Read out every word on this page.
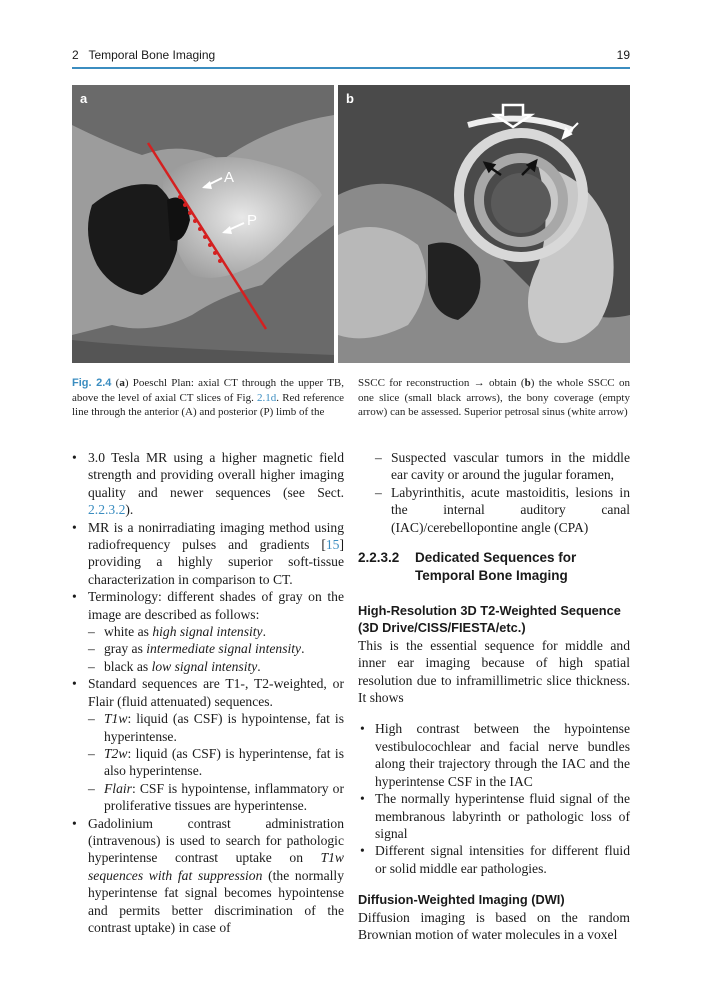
2   Temporal Bone Imaging	19
A
P
a	b
Fig. 2.4 (a) Poeschl Plan: axial CT through the upper TB, above the level of axial CT slices of Fig. 2.1d. Red reference line through the anterior (A) and posterior (P) limb of the
SSCC for reconstruction → obtain (b) the whole SSCC on one slice (small black arrows), the bony coverage (empty arrow) can be assessed. Superior petrosal sinus (white arrow)
• 3.0 Tesla MR using a higher magnetic field strength and providing overall higher imaging quality and newer sequences (see Sect. 2.2.3.2).
• MR is a nonirradiating imaging method using radiofrequency pulses and gradients [15] providing a highly superior soft-tissue characterization in comparison to CT.
• Terminology: different shades of gray on the image are described as follows:
– white as high signal intensity.
– gray as intermediate signal intensity.
– black as low signal intensity.
• Standard sequences are T1-, T2-weighted, or Flair (fluid attenuated) sequences.
– T1w: liquid (as CSF) is hypointense, fat is hyperintense.
– T2w: liquid (as CSF) is hyperintense, fat is also hyperintense.
– Flair: CSF is hypointense, inflammatory or proliferative tissues are hyperintense.
• Gadolinium contrast administration (intravenous) is used to search for pathologic hyperintense contrast uptake on T1w sequences with fat suppression (the normally hyperintense fat signal becomes hypointense and permits better discrimination of the contrast uptake) in case of
– Suspected vascular tumors in the middle ear cavity or around the jugular foramen,
– Labyrinthitis, acute mastoiditis, lesions in the internal auditory canal (IAC)/cerebellopontine angle (CPA)
2.2.3.2 Dedicated Sequences for
Temporal Bone Imaging
High-Resolution 3D T2-Weighted Sequence (3D Drive/CISS/FIESTA/etc.)

This is the essential sequence for middle and inner ear imaging because of high spatial resolution due to inframillimetric slice thickness. It shows

• High contrast between the hypointense vestibulocochlear and facial nerve bundles along their trajectory through the IAC and the hyperintense CSF in the IAC
• The normally hyperintense fluid signal of the membranous labyrinth or pathologic loss of signal
• Different signal intensities for different fluid or solid middle ear pathologies.
Diffusion-Weighted Imaging (DWI)

Diffusion imaging is based on the random Brownian motion of water molecules in a voxel
